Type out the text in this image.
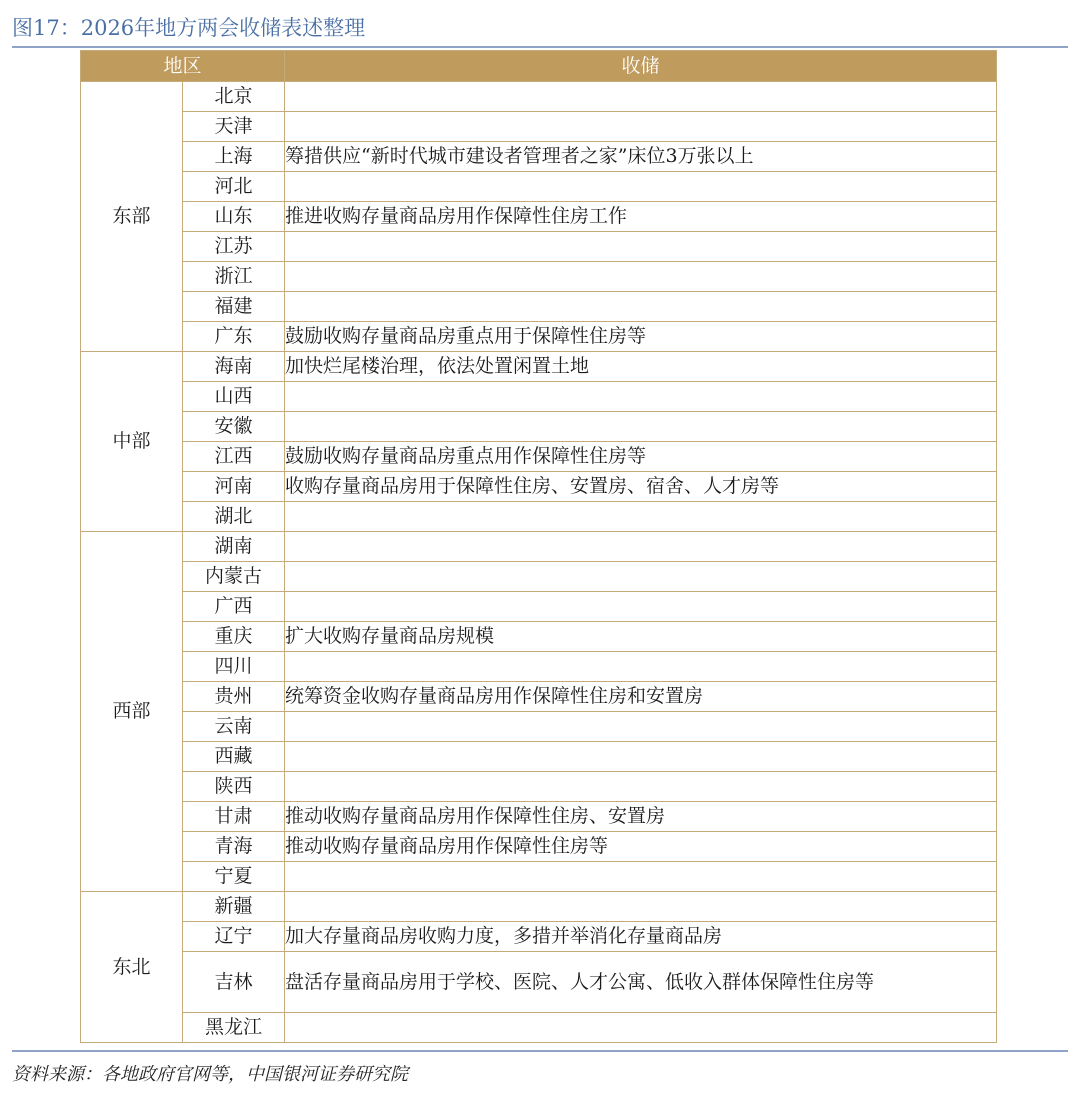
图17：2026年地方两会收储表述整理
地区		收储
东部	北京	
	天津	
	上海	筹措供应“新时代城市建设者管理者之家”床位3万张以上
	河北	
	山东	推进收购存量商品房用作保障性住房工作
	江苏	
	浙江	
	福建	
	广东	鼓励收购存量商品房重点用于保障性住房等
中部	海南	加快烂尾楼治理，依法处置闲置土地
	山西	
	安徽	
	江西	鼓励收购存量商品房重点用作保障性住房等
	河南	收购存量商品房用于保障性住房、安置房、宿舍、人才房等
	湖北	
西部	湖南	
	内蒙古	
	广西	
	重庆	扩大收购存量商品房规模
	四川	
	贵州	统筹资金收购存量商品房用作保障性住房和安置房
	云南	
	西藏	
	陕西	
	甘肃	推动收购存量商品房用作保障性住房、安置房
	青海	推动收购存量商品房用作保障性住房等
	宁夏	
东北	新疆	
	辽宁	加大存量商品房收购力度，多措并举消化存量商品房
	吉林	盘活存量商品房用于学校、医院、人才公寓、低收入群体保障性住房等
	黑龙江	
资料来源：各地政府官网等，中国银河证券研究院
